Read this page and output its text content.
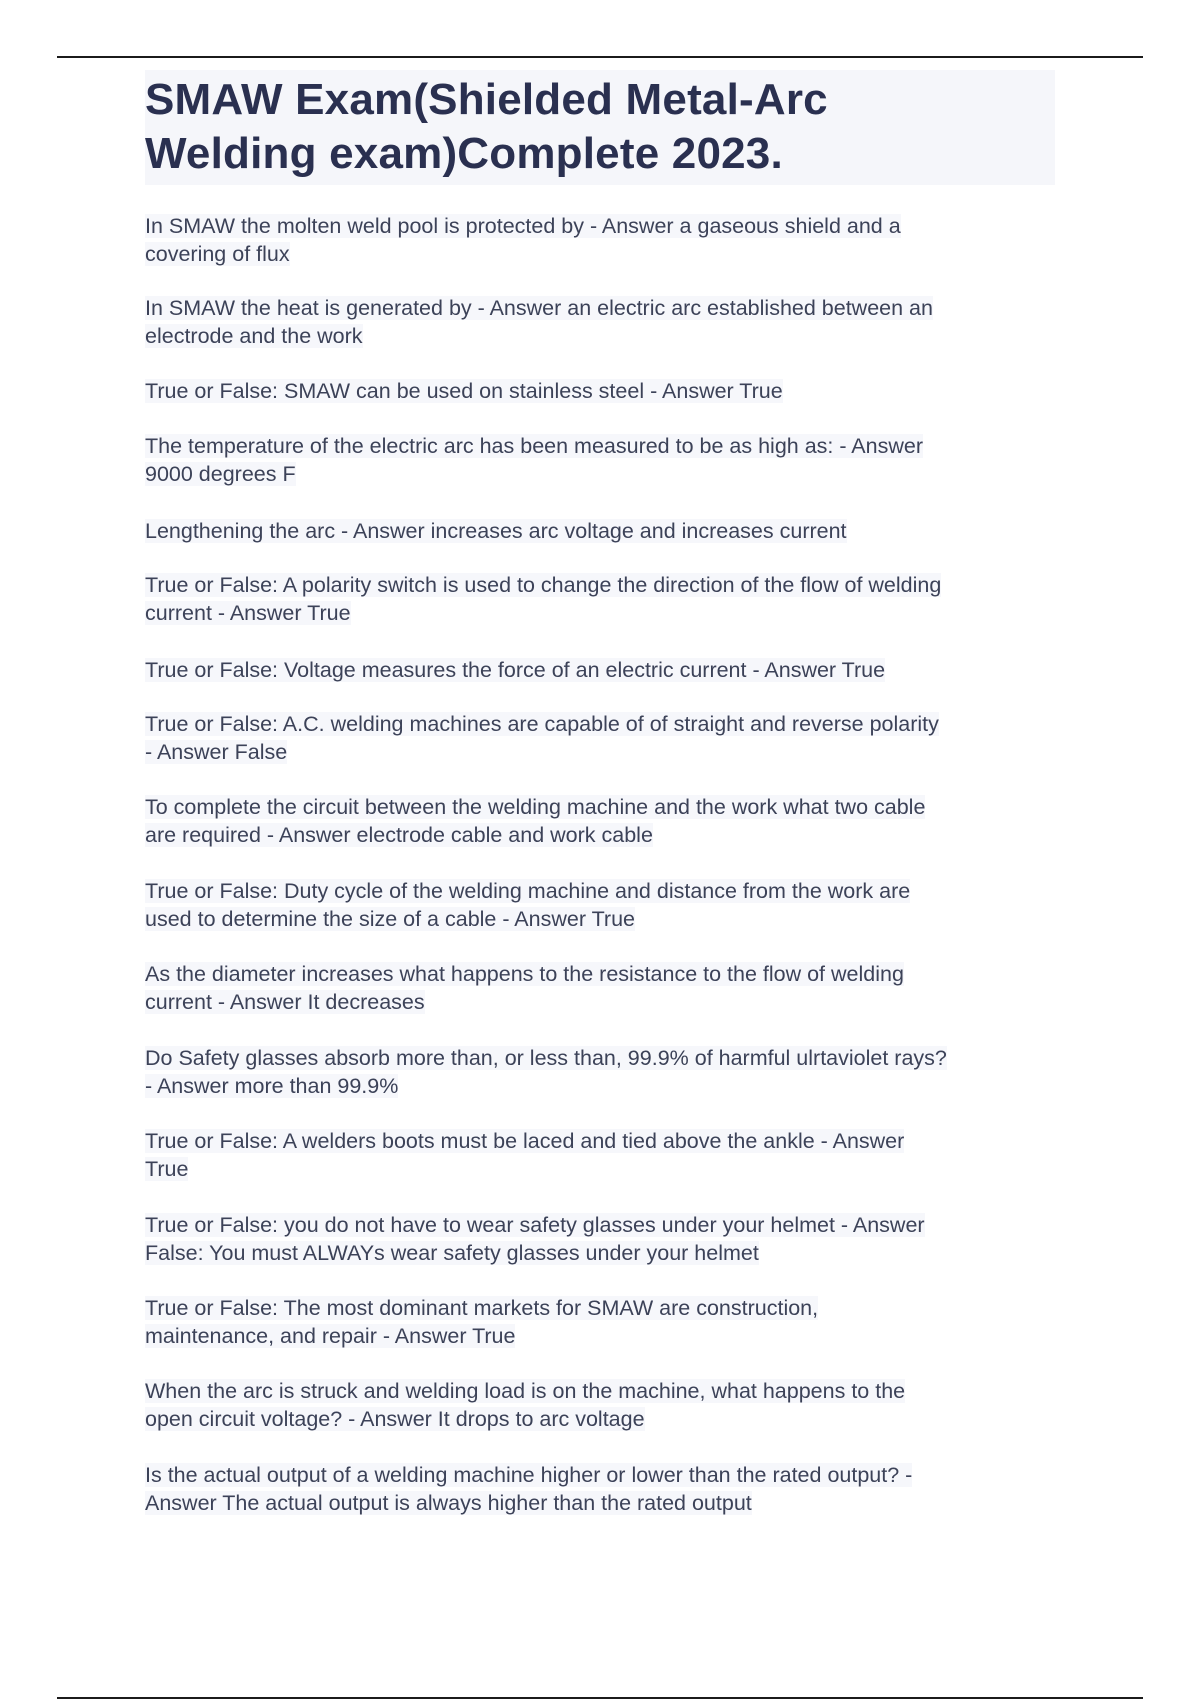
SMAW Exam(Shielded Metal-Arc
Welding exam)Complete 2023.
In SMAW the molten weld pool is protected by - Answer a gaseous shield and a
covering of flux
In SMAW the heat is generated by - Answer an electric arc established between an
electrode and the work
True or False: SMAW can be used on stainless steel - Answer True
The temperature of the electric arc has been measured to be as high as: - Answer
9000 degrees F
Lengthening the arc - Answer increases arc voltage and increases current
True or False: A polarity switch is used to change the direction of the flow of welding
current - Answer True
True or False: Voltage measures the force of an electric current - Answer True
True or False: A.C. welding machines are capable of of straight and reverse polarity
- Answer False
To complete the circuit between the welding machine and the work what two cable
are required - Answer electrode cable and work cable
True or False: Duty cycle of the welding machine and distance from the work are
used to determine the size of a cable - Answer True
As the diameter increases what happens to the resistance to the flow of welding
current - Answer It decreases
Do Safety glasses absorb more than, or less than, 99.9% of harmful ulrtaviolet rays?
- Answer more than 99.9%
True or False: A welders boots must be laced and tied above the ankle - Answer
True
True or False: you do not have to wear safety glasses under your helmet - Answer
False: You must ALWAYs wear safety glasses under your helmet
True or False: The most dominant markets for SMAW are construction,
maintenance, and repair - Answer True
When the arc is struck and welding load is on the machine, what happens to the
open circuit voltage? - Answer It drops to arc voltage
Is the actual output of a welding machine higher or lower than the rated output? -
Answer The actual output is always higher than the rated output
